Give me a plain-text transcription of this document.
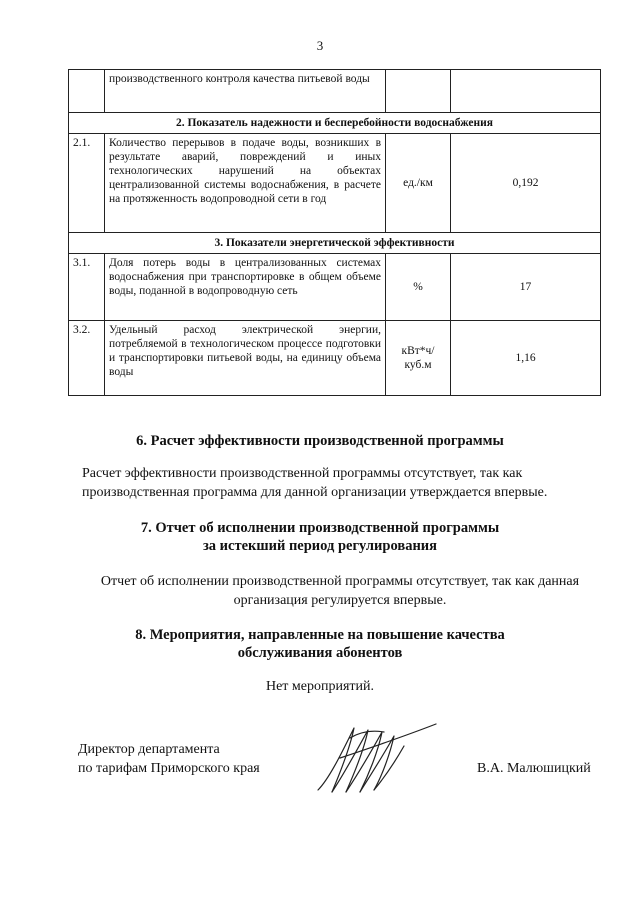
3
	производственного контроля качества питьевой воды		
2. Показатель надежности и бесперебойности водоснабжения			
2.1.	Количество перерывов в подаче воды, возникших в результате аварий, повреждений и иных технологических нарушений на объектах централизованной системы водоснабжения, в расчете на протяженность водопроводной сети в год	ед./км	0,192
3. Показатели энергетической эффективности			
3.1.	Доля потерь воды в централизованных системах водоснабжения при транспортировке в общем объеме воды, поданной в водопроводную сеть	%	17
3.2.	Удельный расход электрической энергии, потребляемой в технологическом процессе подготовки и транспортировки питьевой воды, на единицу объема воды	кВт*ч/ куб.м	1,16
6. Расчет эффективности производственной программы

Расчет эффективности производственной программы отсутствует, так как производственная программа для данной организации утверждается впервые.

7. Отчет об исполнении производственной программы
за истекший период регулирования

Отчет об исполнении производственной программы отсутствует, так как данная организация регулируется впервые.

8. Мероприятия, направленные на повышение качества
обслуживания абонентов

Нет мероприятий.

Директор департамента
по тарифам Приморского края	В.А. Малюшицкий
